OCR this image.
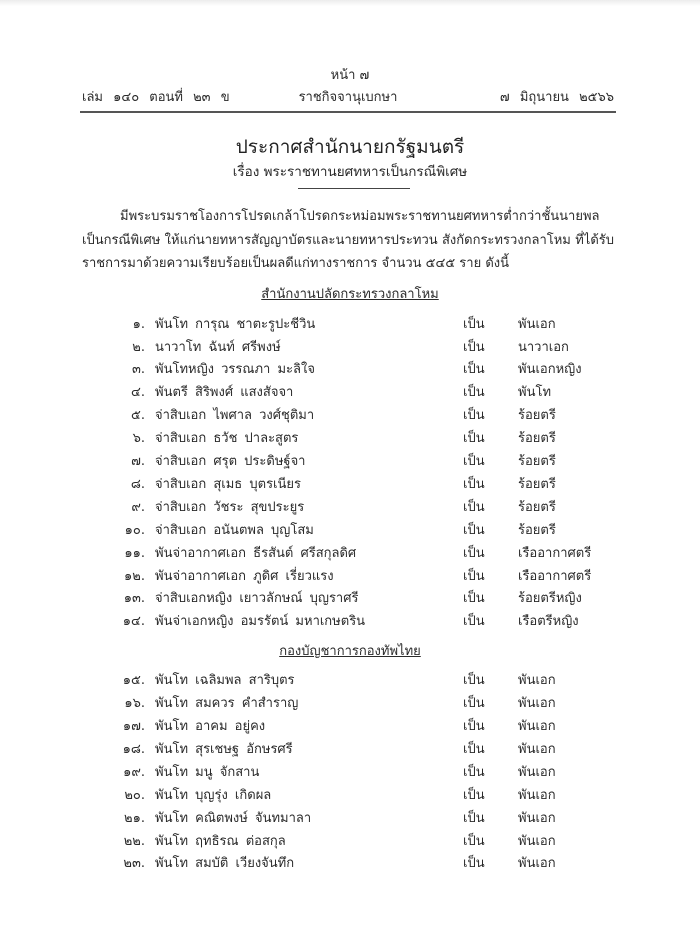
หน้า ๗
เล่ม ๑๔๐ ตอนที่ ๒๓ ข	ราชกิจจานุเบกษา	๗ มิถุนายน ๒๕๖๖
ประกาศสำนักนายกรัฐมนตรี
เรื่อง พระราชทานยศทหารเป็นกรณีพิเศษ
มีพระบรมราชโองการโปรดเกล้าโปรดกระหม่อมพระราชทานยศทหารต่ำกว่าชั้นนายพล เป็นกรณีพิเศษ ให้แก่นายทหารสัญญาบัตรและนายทหารประทวน สังกัดกระทรวงกลาโหม ที่ได้รับราชการมาด้วยความเรียบร้อยเป็นผลดีแก่ทางราชการ จำนวน ๕๔๕ ราย ดังนี้
สำนักงานปลัดกระทรวงกลาโหม
๑. พันโท การุณ ชาตะรูปะชีวิน	เป็น	พันเอก
๒. นาวาโท ฉันท์ ศรีพงษ์	เป็น	นาวาเอก
๓. พันโทหญิง วรรณภา มะลิใจ	เป็น	พันเอกหญิง
๔. พันตรี สิริพงศ์ แสงสัจจา	เป็น	พันโท
๕. จ่าสิบเอก ไพศาล วงศ์ชุติมา	เป็น	ร้อยตรี
๖. จ่าสิบเอก ธวัช ปาละสูตร	เป็น	ร้อยตรี
๗. จ่าสิบเอก ศรุต ประดิษฐ์จา	เป็น	ร้อยตรี
๘. จ่าสิบเอก สุเมธ บุตรเนียร	เป็น	ร้อยตรี
๙. จ่าสิบเอก วัชระ สุขประยูร	เป็น	ร้อยตรี
๑๐. จ่าสิบเอก อนันตพล บุญโสม	เป็น	ร้อยตรี
๑๑. พันจ่าอากาศเอก ธีรสันต์ ศรีสกุลดิศ	เป็น	เรืออากาศตรี
๑๒. พันจ่าอากาศเอก ภูดิศ เรี่ยวแรง	เป็น	เรืออากาศตรี
๑๓. จ่าสิบเอกหญิง เยาวลักษณ์ บุญราศรี	เป็น	ร้อยตรีหญิง
๑๔. พันจ่าเอกหญิง อมรรัตน์ มหาเกษตริน	เป็น	เรือตรีหญิง
กองบัญชาการกองทัพไทย
๑๕. พันโท เฉลิมพล สาริบุตร	เป็น	พันเอก
๑๖. พันโท สมควร คำสำราญ	เป็น	พันเอก
๑๗. พันโท อาคม อยู่คง	เป็น	พันเอก
๑๘. พันโท สุรเชษฐ อักษรศรี	เป็น	พันเอก
๑๙. พันโท มนู จักสาน	เป็น	พันเอก
๒๐. พันโท บุญรุ่ง เกิดผล	เป็น	พันเอก
๒๑. พันโท คณิตพงษ์ จันทมาลา	เป็น	พันเอก
๒๒. พันโท ฤทธิรณ ต่อสกุล	เป็น	พันเอก
๒๓. พันโท สมบัติ เวียงจันทึก	เป็น	พันเอก
